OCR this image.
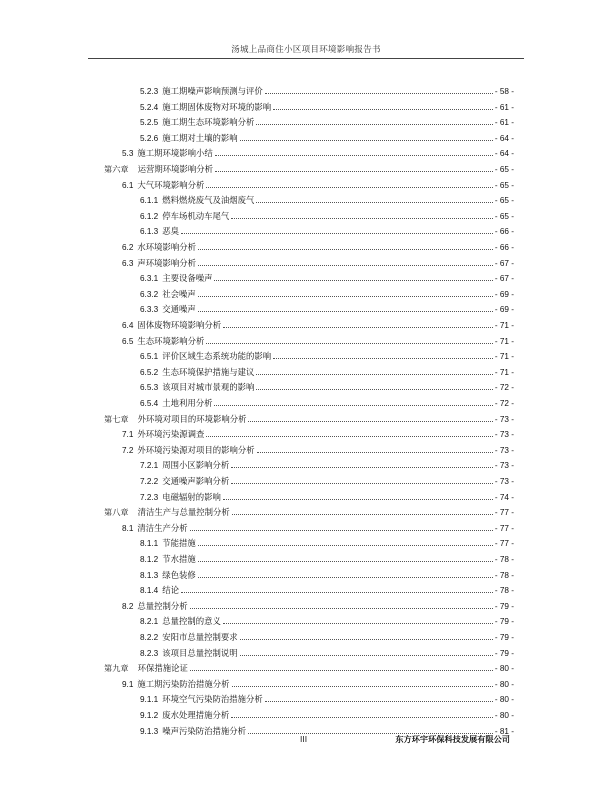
汤城上品商住小区项目环境影响报告书
5.2.3 施工期噪声影响预测与评价	- 58 -
5.2.4 施工期固体废物对环境的影响	- 61 -
5.2.5 施工期生态环境影响分析	- 61 -
5.2.6 施工期对土壤的影响	- 64 -
5.3 施工期环境影响小结	- 64 -
第六章	运营期环境影响分析	- 65 -
6.1 大气环境影响分析	- 65 -
6.1.1 燃料燃烧废气及油烟废气	- 65 -
6.1.2 停车场机动车尾气	- 65 -
6.1.3 恶臭	- 66 -
6.2 水环境影响分析	- 66 -
6.3 声环境影响分析	- 67 -
6.3.1 主要设备噪声	- 67 -
6.3.2 社会噪声	- 69 -
6.3.3 交通噪声	- 69 -
6.4 固体废物环境影响分析	- 71 -
6.5 生态环境影响分析	- 71 -
6.5.1 评价区域生态系统功能的影响	- 71 -
6.5.2 生态环境保护措施与建议	- 71 -
6.5.3 该项目对城市景观的影响	- 72 -
6.5.4 土地利用分析	- 72 -
第七章	外环境对项目的环境影响分析	- 73 -
7.1 外环境污染源调查	- 73 -
7.2 外环境污染源对项目的影响分析	- 73 -
7.2.1 周围小区影响分析	- 73 -
7.2.2 交通噪声影响分析	- 73 -
7.2.3 电磁辐射的影响	- 74 -
第八章	清洁生产与总量控制分析	- 77 -
8.1 清洁生产分析	- 77 -
8.1.1 节能措施	- 77 -
8.1.2 节水措施	- 78 -
8.1.3 绿色装修	- 78 -
8.1.4 结论	- 78 -
8.2 总量控制分析	- 79 -
8.2.1 总量控制的意义	- 79 -
8.2.2 安阳市总量控制要求	- 79 -
8.2.3 该项目总量控制说明	- 79 -
第九章	环保措施论证	- 80 -
9.1 施工期污染防治措施分析	- 80 -
9.1.1 环境空气污染防治措施分析	- 80 -
9.1.2 废水处理措施分析	- 80 -
9.1.3 噪声污染防治措施分析	- 81 -
III	东方环宇环保科技发展有限公司
